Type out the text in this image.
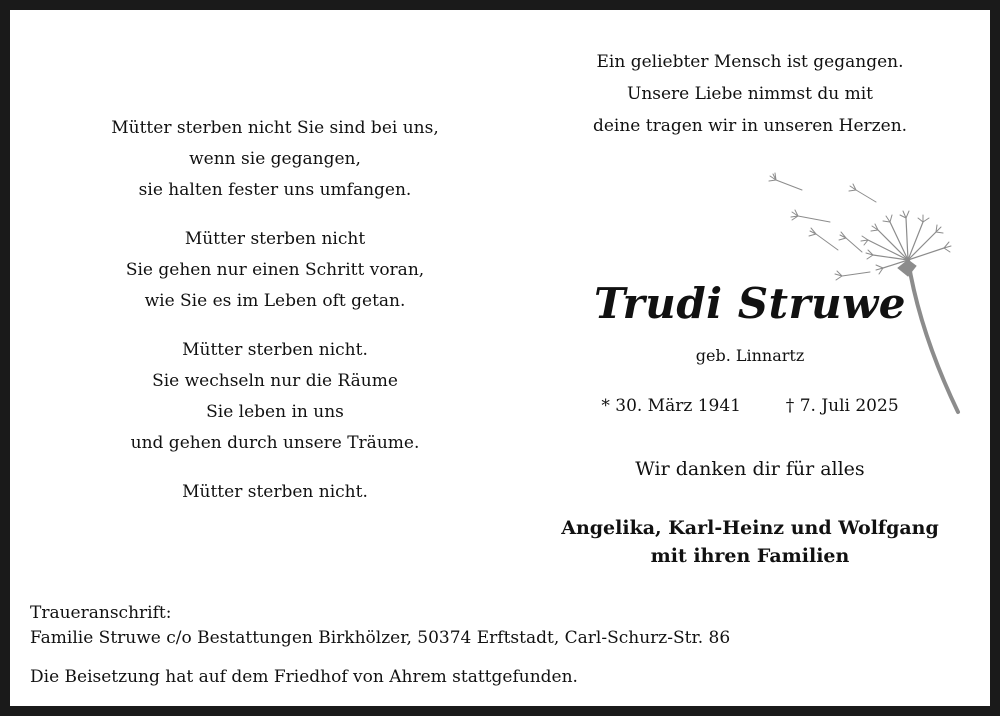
Mütter sterben nicht Sie sind bei uns,
wenn sie gegangen,
sie halten fester uns umfangen.
Mütter sterben nicht
Sie gehen nur einen Schritt voran,
wie Sie es im Leben oft getan.
Mütter sterben nicht.
Sie wechseln nur die Räume
Sie leben in uns
und gehen durch unsere Träume.
Mütter sterben nicht.
Ein geliebter Mensch ist gegangen.
Unsere Liebe nimmst du mit
deine tragen wir in unseren Herzen.
Trudi Struwe
geb. Linnartz
* 30. März 1941	† 7. Juli 2025
Wir danken dir für alles
Angelika, Karl-Heinz und Wolfgang
mit ihren Familien
Traueranschrift:
Familie Struwe c/o Bestattungen Birkhölzer, 50374 Erftstadt, Carl-Schurz-Str. 86
Die Beisetzung hat auf dem Friedhof von Ahrem stattgefunden.
